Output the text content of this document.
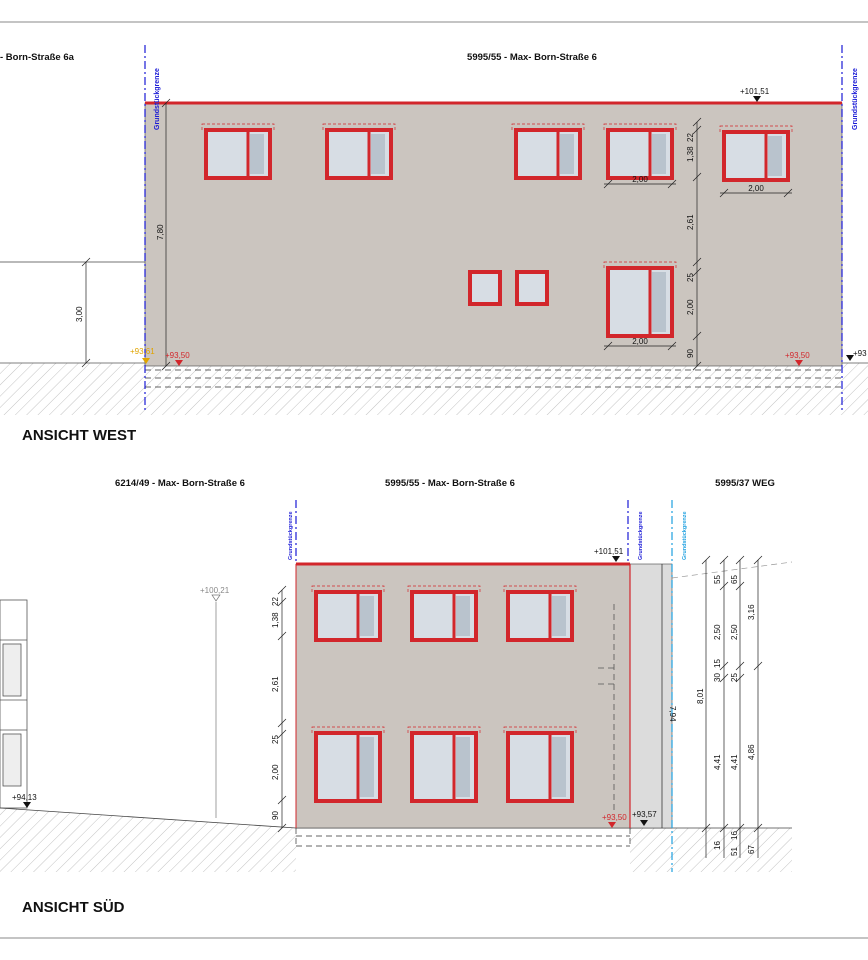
- Born-Straße 6a	5995/55 - Max- Born-Straße 6
Grundstückgrenze	Grundstückgrenze
7,80
3,00
22
1,38
2,61
25
2,00
90
2,00
2,00
2,00
+101,51
+93,61 +93,50	+93,50	+93
6214/49 - Max- Born-Straße 6	5995/55 - Max- Born-Straße 6	5995/37 WEG
+100,21
Grundstückgrenze	Grundstückgrenze	Grundstückgrenze
22
1,38
2,61
25
2,00
90
7,94
55
2,50
30
15
4,41
16
65
2,50
25
4,41
16
51
3,16
4,86
67
8,01
+101,51
+94,13
+93,50 +93,57
ANSICHT WEST
ANSICHT SÜD
